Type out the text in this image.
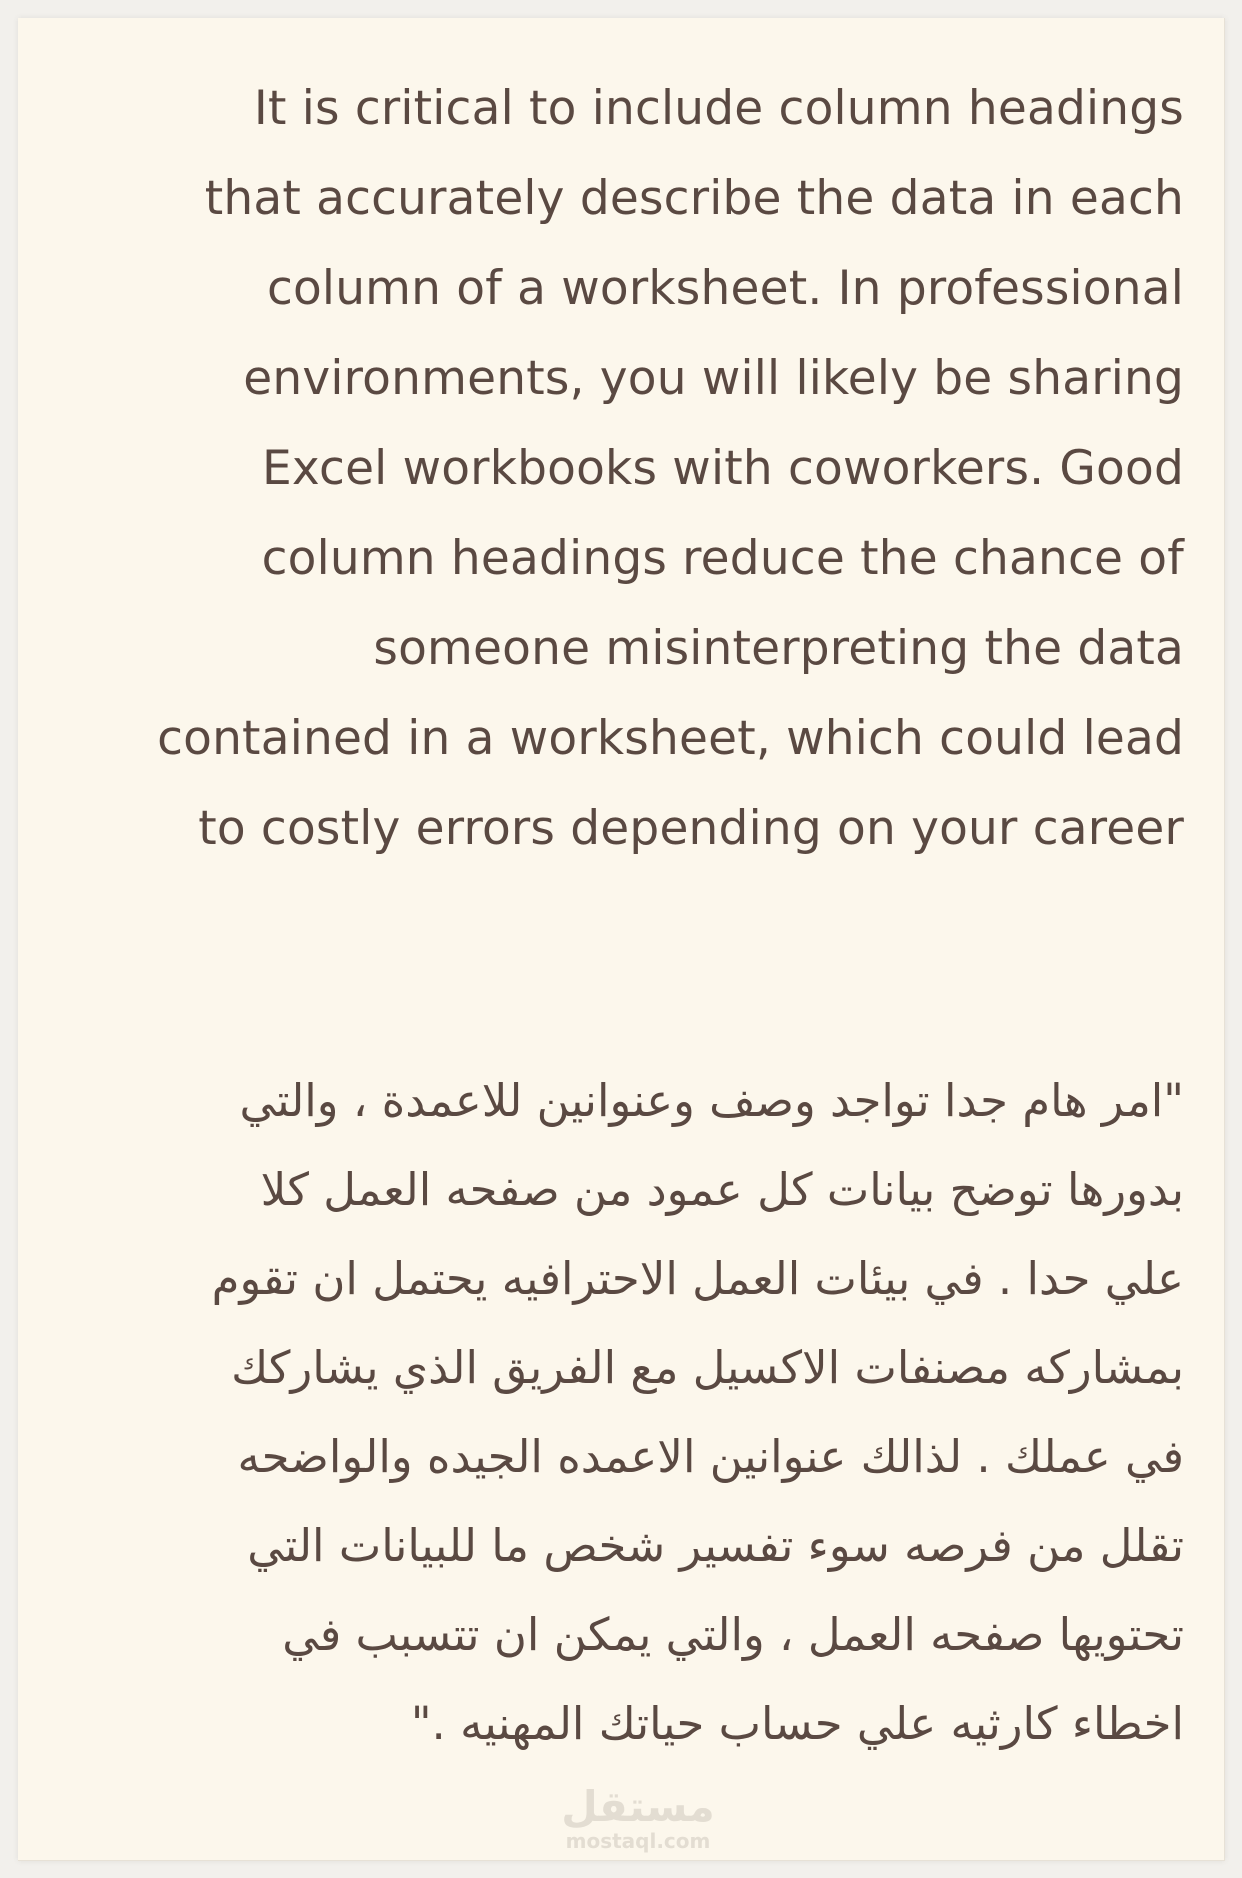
It is critical to include column headings
that accurately describe the data in each
column of a worksheet. In professional
environments, you will likely be sharing
Excel workbooks with coworkers. Good
column headings reduce the chance of
someone misinterpreting the data
contained in a worksheet, which could lead
to costly errors depending on your career
"امر هام جدا تواجد وصف وعنوانين للاعمدة ، والتي
بدورها توضح بيانات كل عمود من صفحه العمل كلا
علي حدا . في بيئات العمل الاحترافيه يحتمل ان تقوم
بمشاركه مصنفات الاكسيل مع الفريق الذي يشاركك
في عملك . لذالك عنوانين الاعمده الجيده والواضحه
تقلل من فرصه سوء تفسير شخص ما للبيانات التي
تحتويها صفحه العمل ، والتي يمكن ان تتسبب في
اخطاء كارثيه علي حساب حياتك المهنيه ."
مستقل
mostaql.com
